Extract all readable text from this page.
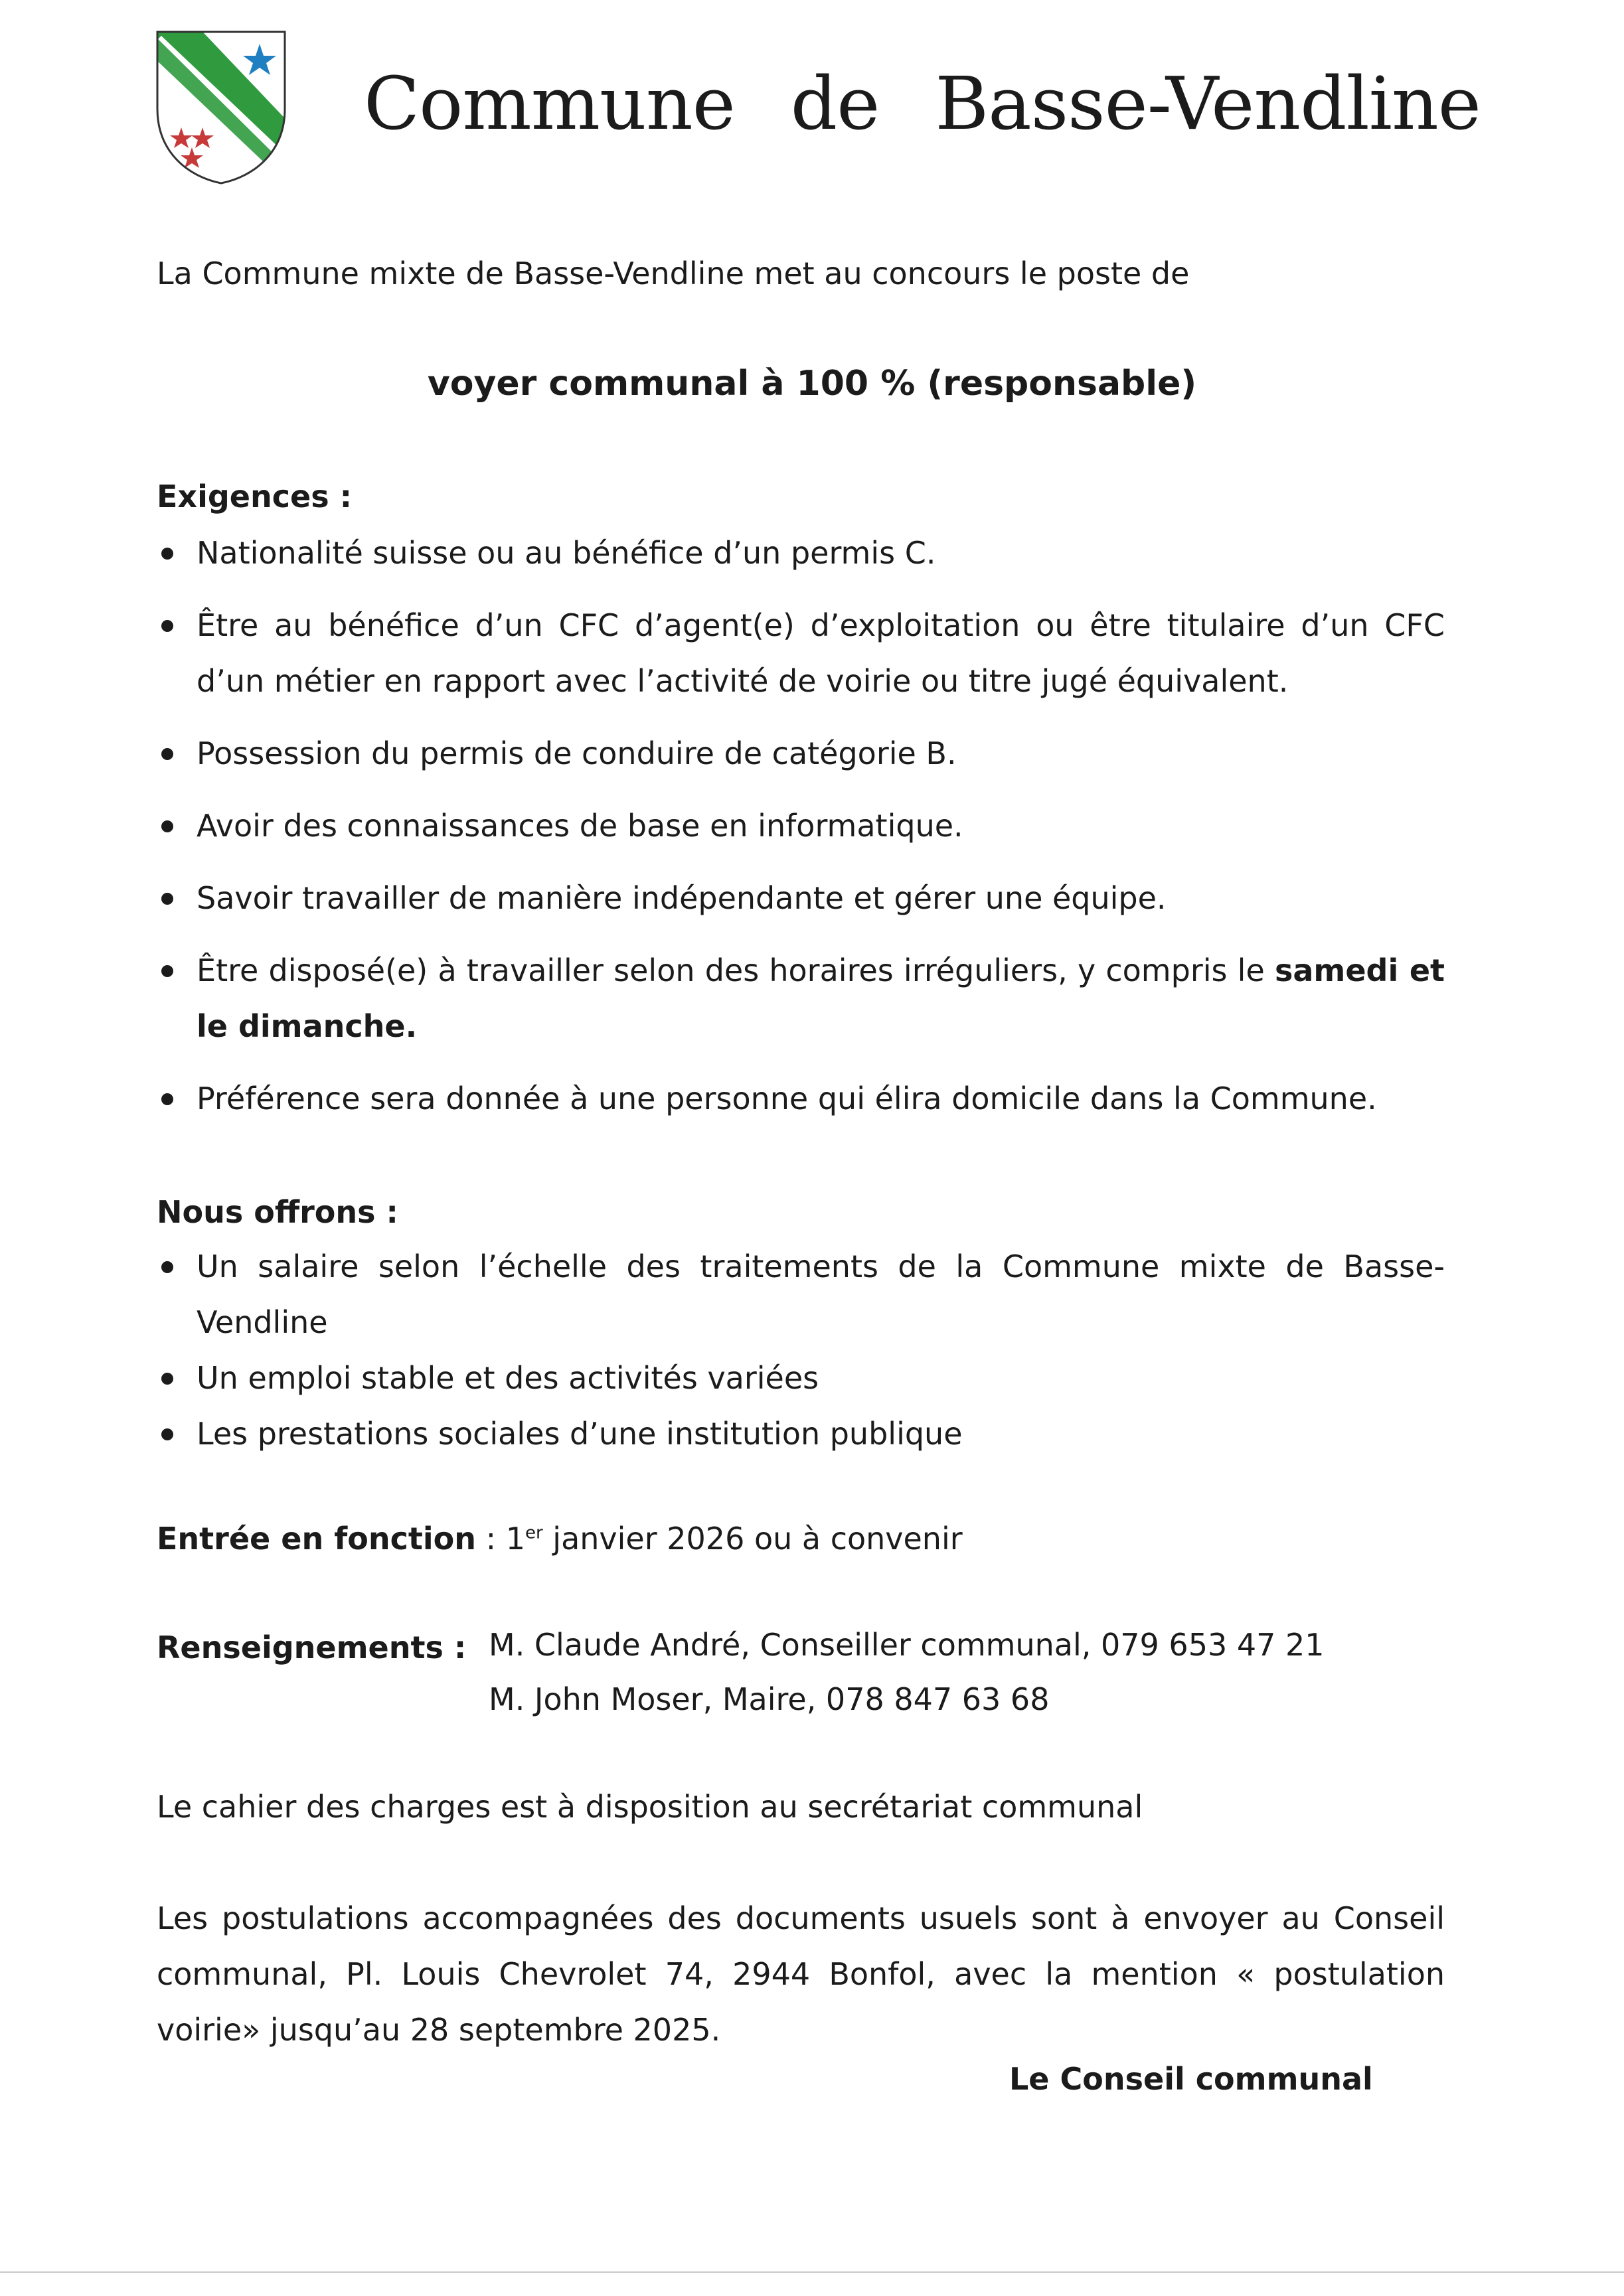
Commune de Basse-Vendline
La Commune mixte de Basse-Vendline met au concours le poste de
voyer communal à 100 % (responsable)
Exigences :
Nationalité suisse ou au bénéfice d’un permis C.
Être au bénéfice d’un CFC d’agent(e) d’exploitation ou être titulaire d’un CFC d’un métier en rapport avec l’activité de voirie ou titre jugé équivalent.
Possession du permis de conduire de catégorie B.
Avoir des connaissances de base en informatique.
Savoir travailler de manière indépendante et gérer une équipe.
Être disposé(e) à travailler selon des horaires irréguliers, y compris le samedi et le dimanche.
Préférence sera donnée à une personne qui élira domicile dans la Commune.
Nous offrons :
Un salaire selon l’échelle des traitements de la Commune mixte de Basse-Vendline
Un emploi stable et des activités variées
Les prestations sociales d’une institution publique
Entrée en fonction : 1er janvier 2026 ou à convenir
Renseignements : M. Claude André, Conseiller communal, 079 653 47 21
M. John Moser, Maire, 078 847 63 68
Le cahier des charges est à disposition au secrétariat communal
Les postulations accompagnées des documents usuels sont à envoyer au Conseil communal, Pl. Louis Chevrolet 74, 2944 Bonfol, avec la mention « postulation voirie» jusqu’au 28 septembre 2025.
Le Conseil communal
